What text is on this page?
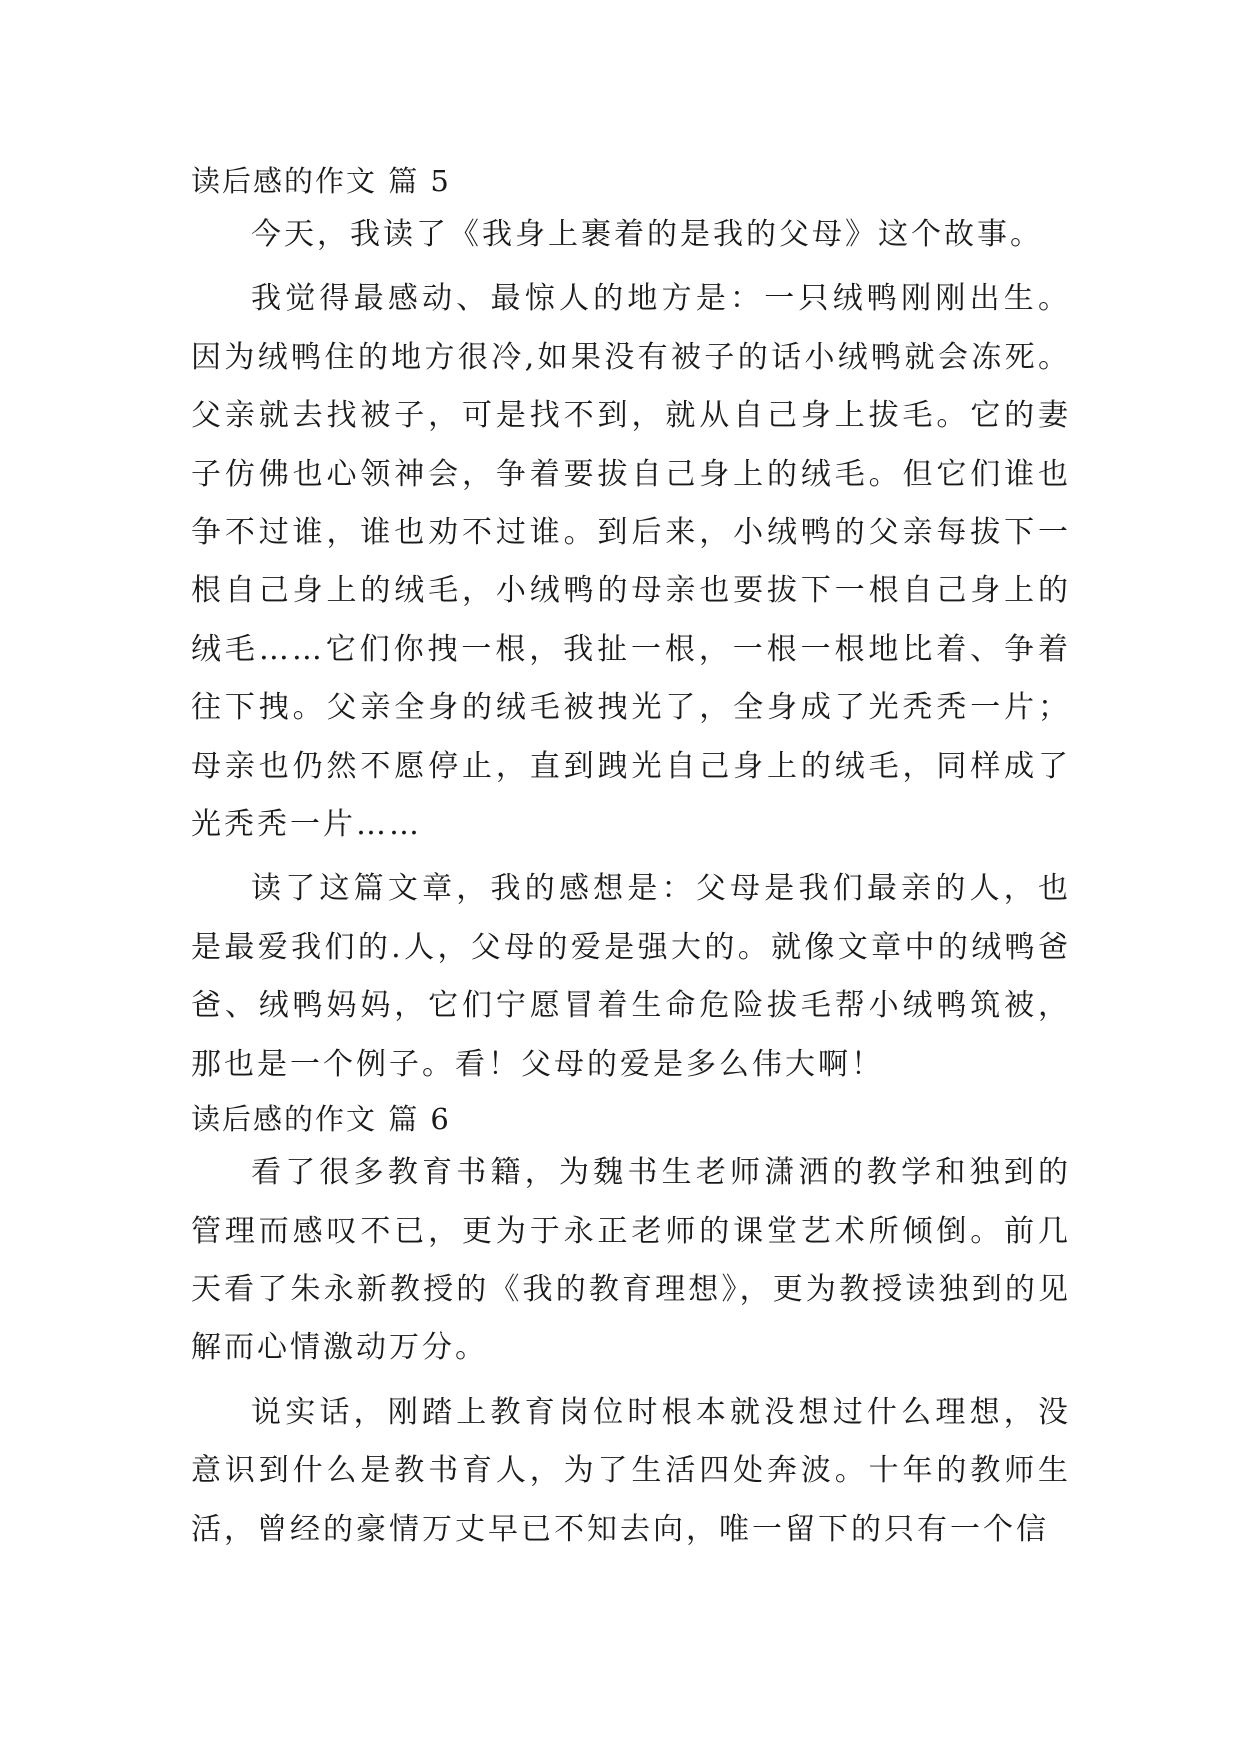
读后感的作文 篇 5

今天，我读了《我身上裹着的是我的父母》这个故事。

我觉得最感动、最惊人的地方是：一只绒鸭刚刚出生。因为绒鸭住的地方很冷,如果没有被子的话小绒鸭就会冻死。父亲就去找被子，可是找不到，就从自己身上拔毛。它的妻子仿佛也心领神会，争着要拔自己身上的绒毛。但它们谁也争不过谁，谁也劝不过谁。到后来，小绒鸭的父亲每拔下一根自己身上的绒毛，小绒鸭的母亲也要拔下一根自己身上的绒毛……它们你拽一根，我扯一根，一根一根地比着、争着往下拽。父亲全身的绒毛被拽光了，全身成了光秃秃一片；母亲也仍然不愿停止，直到跩光自己身上的绒毛，同样成了光秃秃一片……

读了这篇文章，我的感想是：父母是我们最亲的人，也是最爱我们的.人，父母的爱是强大的。就像文章中的绒鸭爸爸、绒鸭妈妈，它们宁愿冒着生命危险拔毛帮小绒鸭筑被，那也是一个例子。看！父母的爱是多么伟大啊！

读后感的作文 篇 6

看了很多教育书籍，为魏书生老师潇洒的教学和独到的管理而感叹不已，更为于永正老师的课堂艺术所倾倒。前几天看了朱永新教授的《我的教育理想》，更为教授读独到的见解而心情激动万分。

说实话，刚踏上教育岗位时根本就没想过什么理想，没意识到什么是教书育人，为了生活四处奔波。十年的教师生活，曾经的豪情万丈早已不知去向，唯一留下的只有一个信
